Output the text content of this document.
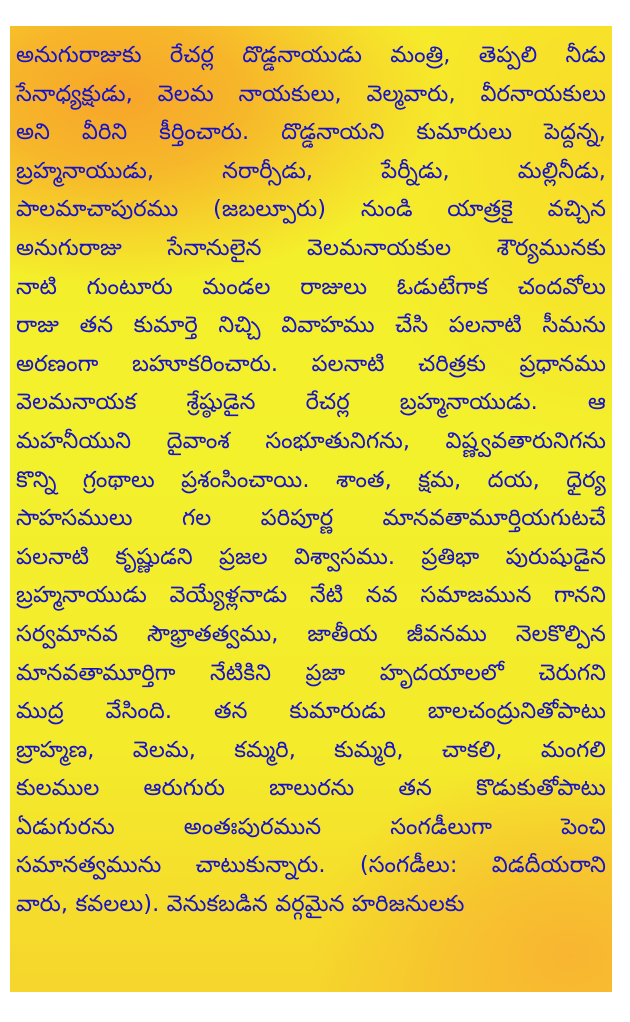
అనుగురాజుకు రేచర్ల దొడ్డనాయుడు మంత్రి, తెప్పలి నీడు
సేనాధ్యక్షుడు, వెలమ నాయకులు, వెల్మవారు, వీరనాయకులు
అని వీరిని కీర్తించారు. దొడ్డనాయని కుమారులు పెద్దన్న,
బ్రహ్మనాయుడు,	నరార్సీడు,	పేర్నీడు,	మల్లినీడు,
పాలమాచాపురము (జబల్పూరు) నుండి యాత్రకై వచ్చిన
అనుగురాజు సేనానులైన వెలమనాయకుల శౌర్యమునకు
నాటి గుంటూరు మండల రాజులు ఓడుటేగాక చందవోలు
రాజు తన కుమార్తె నిచ్చి వివాహము చేసి పలనాటి సీమను
అరణంగా బహూకరించారు. పలనాటి చరిత్రకు ప్రధానము
వెలమనాయక శ్రేష్ఠుడైన రేచర్ల బ్రహ్మనాయుడు. ఆ
మహనీయుని దైవాంశ సంభూతునిగను, విష్ణ్వవతారునిగను
కొన్ని గ్రంథాలు ప్రశంసించాయి. శాంత, క్షమ, దయ, ధైర్య
సాహసములు గల పరిపూర్ణ మానవతామూర్తియగుటచే
పలనాటి కృష్ణుడని ప్రజల విశ్వాసము. ప్రతిభా పురుషుడైన
బ్రహ్మనాయుడు వెయ్యేళ్లనాడు నేటి నవ సమాజమున గానని
సర్వమానవ సౌభ్రాతత్వము, జాతీయ జీవనము నెలకొల్పిన
మానవతామూర్తిగా నేటికిని ప్రజా హృదయాలలో చెరుగని
ముద్ర వేసింది. తన కుమారుడు బాలచంద్రునితోపాటు
బ్రాహ్మణ, వెలమ, కమ్మరి, కుమ్మరి, చాకలి, మంగలి
కులముల ఆరుగురు బాలురను తన కొడుకుతోపాటు
ఏడుగురను	అంతఃపురమున	సంగడీలుగా	పెంచి
సమానత్వమును చాటుకున్నారు. (సంగడీలు: విడదీయరాని
వారు,
కవలలు).
వెనుకబడిన
వర్గమైన
హరిజనులకు
